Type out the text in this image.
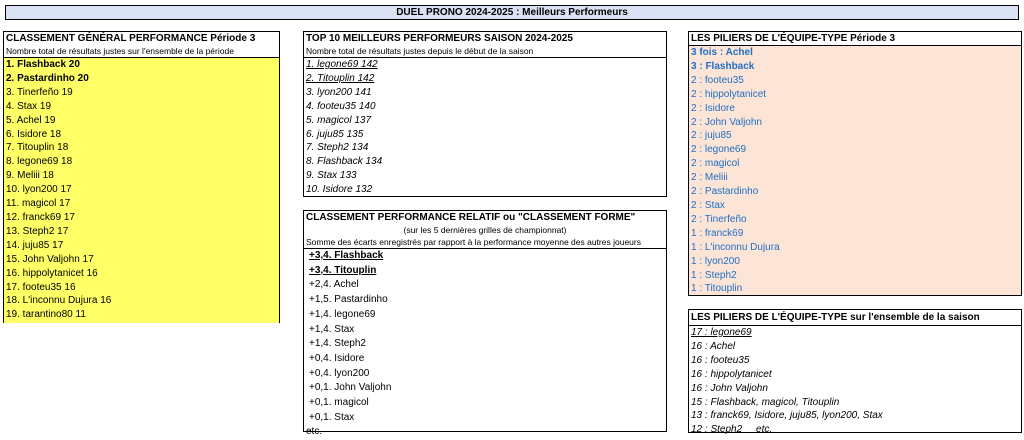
DUEL PRONO 2024-2025 : Meilleurs Performeurs
CLASSEMENT GÉNÉRAL PERFORMANCE Période 3
Nombre total de résultats justes sur l'ensemble de la période
1. Flashback 20
2. Pastardinho 20
3. Tinerfeño 19
4. Stax 19
5. Achel 19
6. Isidore 18
7. Titouplin 18
8. legone69 18
9. Meliii 18
10. lyon200 17
11. magicol 17
12. franck69 17
13. Steph2 17
14. juju85 17
15. John Valjohn 17
16. hippolytanicet 16
17. footeu35 16
18. L'inconnu Dujura 16
19. tarantino80 11
TOP 10 MEILLEURS PERFORMEURS SAISON 2024-2025
Nombre total de résultats justes depuis le début de la saison
1. legone69 142
2. Titouplin 142
3. lyon200 141
4. footeu35 140
5. magicol 137
6. juju85 135
7. Steph2 134
8. Flashback 134
9. Stax 133
10. Isidore 132
CLASSEMENT PERFORMANCE RELATIF ou "CLASSEMENT FORME"
(sur les 5 dernières grilles de championnat)
Somme des écarts enregistrés par rapport à la performance moyenne des autres joueurs
+3,4. Flashback
+3,4. Titouplin
+2,4. Achel
+1,5. Pastardinho
+1,4. legone69
+1,4. Stax
+1,4. Steph2
+0,4. Isidore
+0,4. lyon200
+0,1. John Valjohn
+0,1. magicol
+0,1. Stax
etc.
LES PILIERS DE L'ÉQUIPE-TYPE Période 3
3 fois : Achel
3 : Flashback
2 : footeu35
2 : hippolytanicet
2 : Isidore
2 : John Valjohn
2 : juju85
2 : legone69
2 : magicol
2 : Meliii
2 : Pastardinho
2 : Stax
2 : Tinerfeño
1 : franck69
1 : L'inconnu Dujura
1 : lyon200
1 : Steph2
1 : Titouplin
LES PILIERS DE L'ÉQUIPE-TYPE sur l'ensemble de la saison
17 : legone69
16 : Achel
16 : footeu35
16 : hippolytanicet
16 : John Valjohn
15 : Flashback, magicol, Titouplin
13 : franck69, Isidore, juju85, lyon200, Stax
12 : Steph2     etc.
